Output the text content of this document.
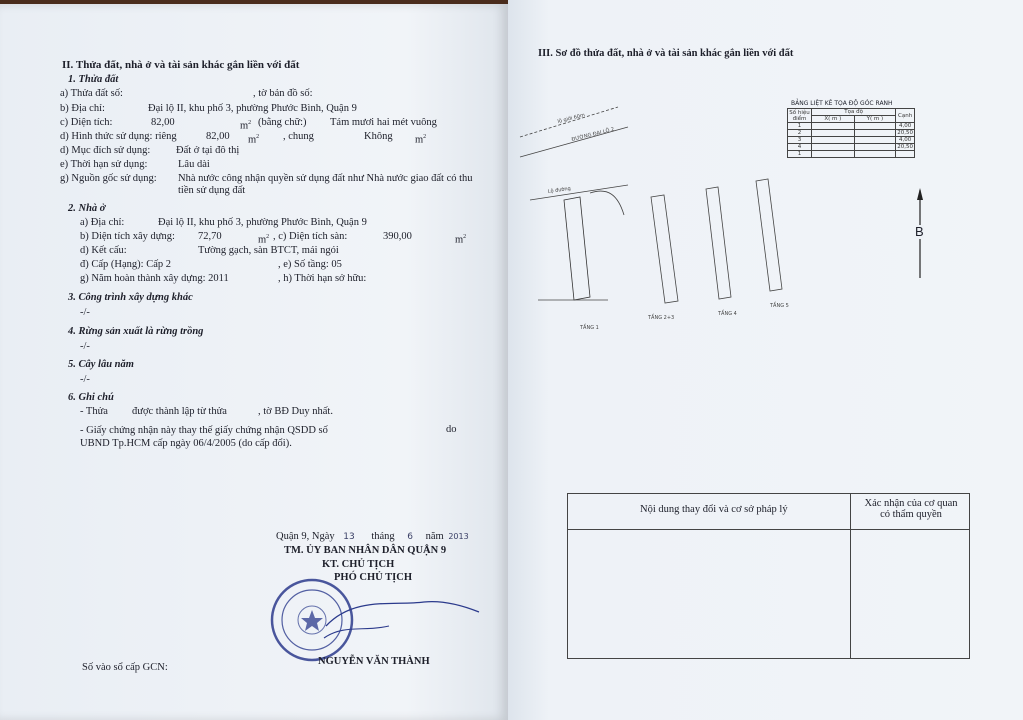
II. Thửa đất, nhà ở và tài sản khác gắn liền với đất
1. Thửa đất
a) Thửa đất số:	, tờ bản đồ số:
b) Địa chỉ:	Đại lộ II, khu phố 3, phường Phước Bình, Quận 9
c) Diện tích:	82,00	$m^2$ (bằng chữ:) Tám mươi hai mét vuông
d) Hình thức sử dụng: riêng	82,00 $m^2$ , chung	Không $m^2$
d) Mục đích sử dụng: Đất ở tại đô thị
e) Thời hạn sử dụng:	Lâu dài
g) Nguồn gốc sử dụng: Nhà nước công nhận quyền sử dụng đất như Nhà nước giao đất có thu
tiền sử dụng đất
2. Nhà ở
a) Địa chỉ:	Đại lộ II, khu phố 3, phường Phước Bình, Quận 9
b) Diện tích xây dựng: 72,70	$m^2$ , c) Diện tích sàn:	390,00	$m^2$
d) Kết cấu:	Tường gạch, sàn BTCT, mái ngói
đ) Cấp (Hạng): Cấp 2	, e) Số tầng: 05
g) Năm hoàn thành xây dựng: 2011	, h) Thời hạn sở hữu:
3. Công trình xây dựng khác
-/-
4. Rừng sản xuất là rừng trồng
-/-
5. Cây lâu năm
-/-
6. Ghi chú
- Thửa được thành lập từ thửa	, tờ BĐ Duy nhất.
- Giấy chứng nhận này thay thế giấy chứng nhận QSDD số	do
UBND Tp.HCM cấp ngày 06/4/2005 (do cấp đổi).
Quận 9, Ngày 13 tháng 6 năm 2013
TM. ỦY BAN NHÂN DÂN QUẬN 9
KT. CHỦ TỊCH
PHÓ CHỦ TỊCH
NGUYỄN VĂN THÀNH
Số vào sổ cấp GCN:
III. Sơ đồ thửa đất, nhà ở và tài sản khác gắn liền với đất
BẢNG LIỆT KÊ TỌA ĐỘ GÓC RANH
Số hiệu điểm	Tọa độ		Cạnh
	X( m )	Y( m )	
1			4,00
2			20,50
3			4,00
4			20,50
1			
B
lộ giới 60m
ĐƯỜNG ĐẠI LỘ 2
Lộ đường
TẦNG 1
TẦNG 2+3
TẦNG 4
TẦNG 5
Nội dung thay đổi và cơ sở pháp lý
Xác nhận của cơ quan
có thẩm quyền
